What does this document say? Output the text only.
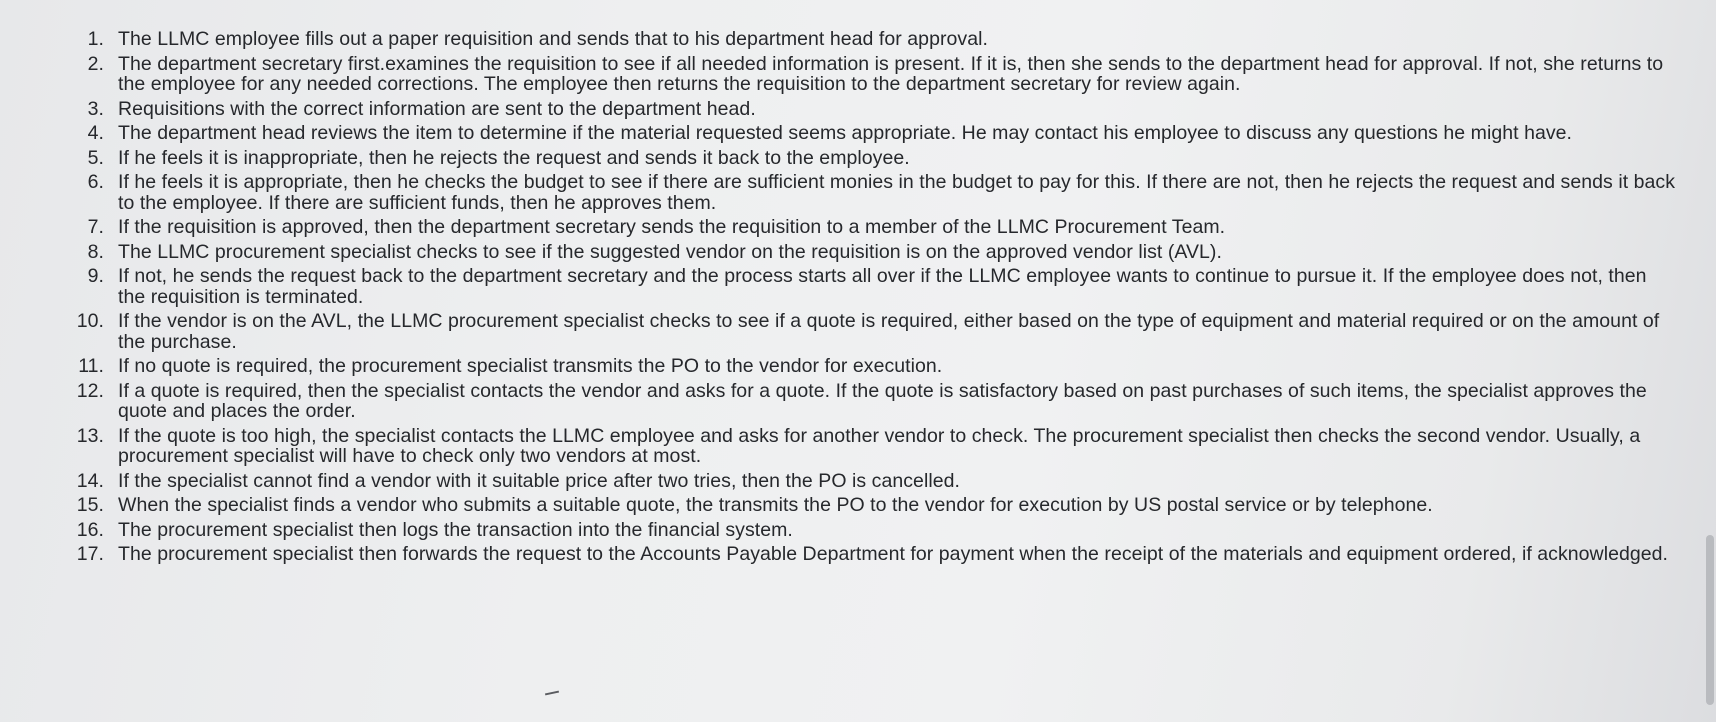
1. The LLMC employee fills out a paper requisition and sends that to his department head for approval.
2. The department secretary first.examines the requisition to see if all needed information is present. If it is, then she sends to the department head for approval. If not, she returns to the employee for any needed corrections. The employee then returns the requisition to the department secretary for review again.
3. Requisitions with the correct information are sent to the department head.
4. The department head reviews the item to determine if the material requested seems appropriate. He may contact his employee to discuss any questions he might have.
5. If he feels it is inappropriate, then he rejects the request and sends it back to the employee.
6. If he feels it is appropriate, then he checks the budget to see if there are sufficient monies in the budget to pay for this. If there are not, then he rejects the request and sends it back to the employee. If there are sufficient funds, then he approves them.
7. If the requisition is approved, then the department secretary sends the requisition to a member of the LLMC Procurement Team.
8. The LLMC procurement specialist checks to see if the suggested vendor on the requisition is on the approved vendor list (AVL).
9. If not, he sends the request back to the department secretary and the process starts all over if the LLMC employee wants to continue to pursue it. If the employee does not, then the requisition is terminated.
10. If the vendor is on the AVL, the LLMC procurement specialist checks to see if a quote is required, either based on the type of equipment and material required or on the amount of the purchase.
11. If no quote is required, the procurement specialist transmits the PO to the vendor for execution.
12. If a quote is required, then the specialist contacts the vendor and asks for a quote. If the quote is satisfactory based on past purchases of such items, the specialist approves the quote and places the order.
13. If the quote is too high, the specialist contacts the LLMC employee and asks for another vendor to check. The procurement specialist then checks the second vendor. Usually, a procurement specialist will have to check only two vendors at most.
14. If the specialist cannot find a vendor with it suitable price after two tries, then the PO is cancelled.
15. When the specialist finds a vendor who submits a suitable quote, the transmits the PO to the vendor for execution by US postal service or by telephone.
16. The procurement specialist then logs the transaction into the financial system.
17. The procurement specialist then forwards the request to the Accounts Payable Department for payment when the receipt of the materials and equipment ordered, if acknowledged.
